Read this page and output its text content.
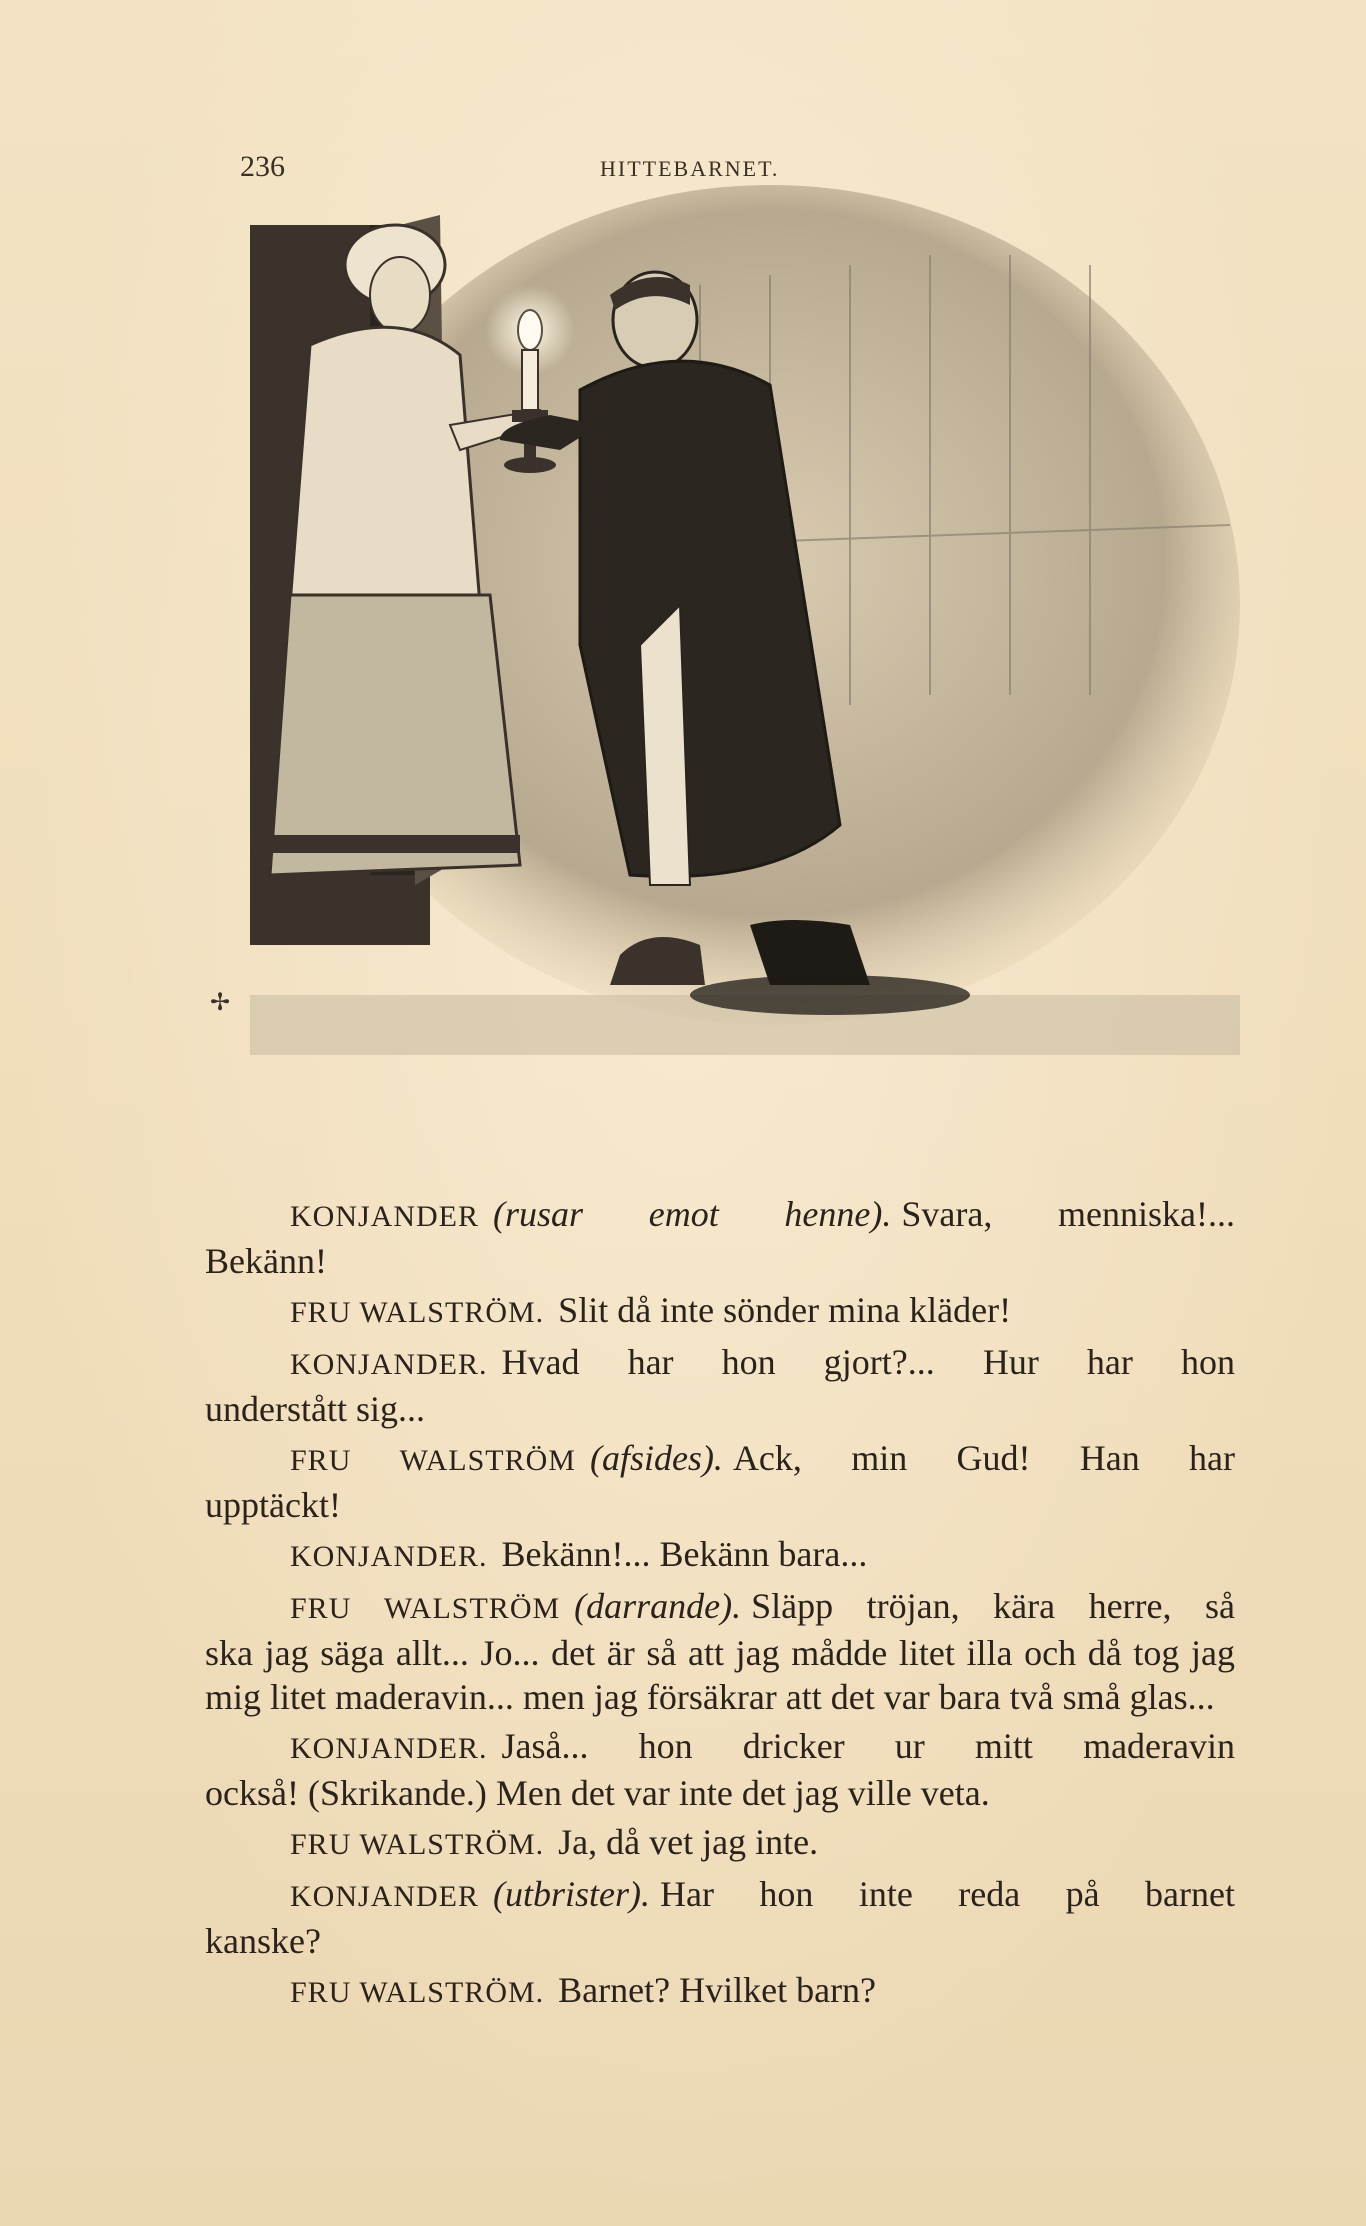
236	HITTEBARNET.
✢

KONJANDER (rusar emot henne). Svara, menniska!...
Bekänn!

FRU WALSTRÖM. Slit då inte sönder mina kläder!

KONJANDER. Hvad har hon gjort?... Hur har hon
understått sig...

FRU WALSTRÖM (afsides). Ack, min Gud! Han har
upptäckt!

KONJANDER. Bekänn!... Bekänn bara...

FRU WALSTRÖM (darrande). Släpp tröjan, kära herre, så
ska jag säga allt... Jo... det är så att jag mådde litet illa och då tog jag mig litet maderavin... men jag försäkrar att det var bara två små glas...

KONJANDER. Jaså... hon dricker ur mitt maderavin
också! (Skrikande.) Men det var inte det jag ville veta.

FRU WALSTRÖM. Ja, då vet jag inte.

KONJANDER (utbrister). Har hon inte reda på barnet
kanske?

FRU WALSTRÖM. Barnet? Hvilket barn?
